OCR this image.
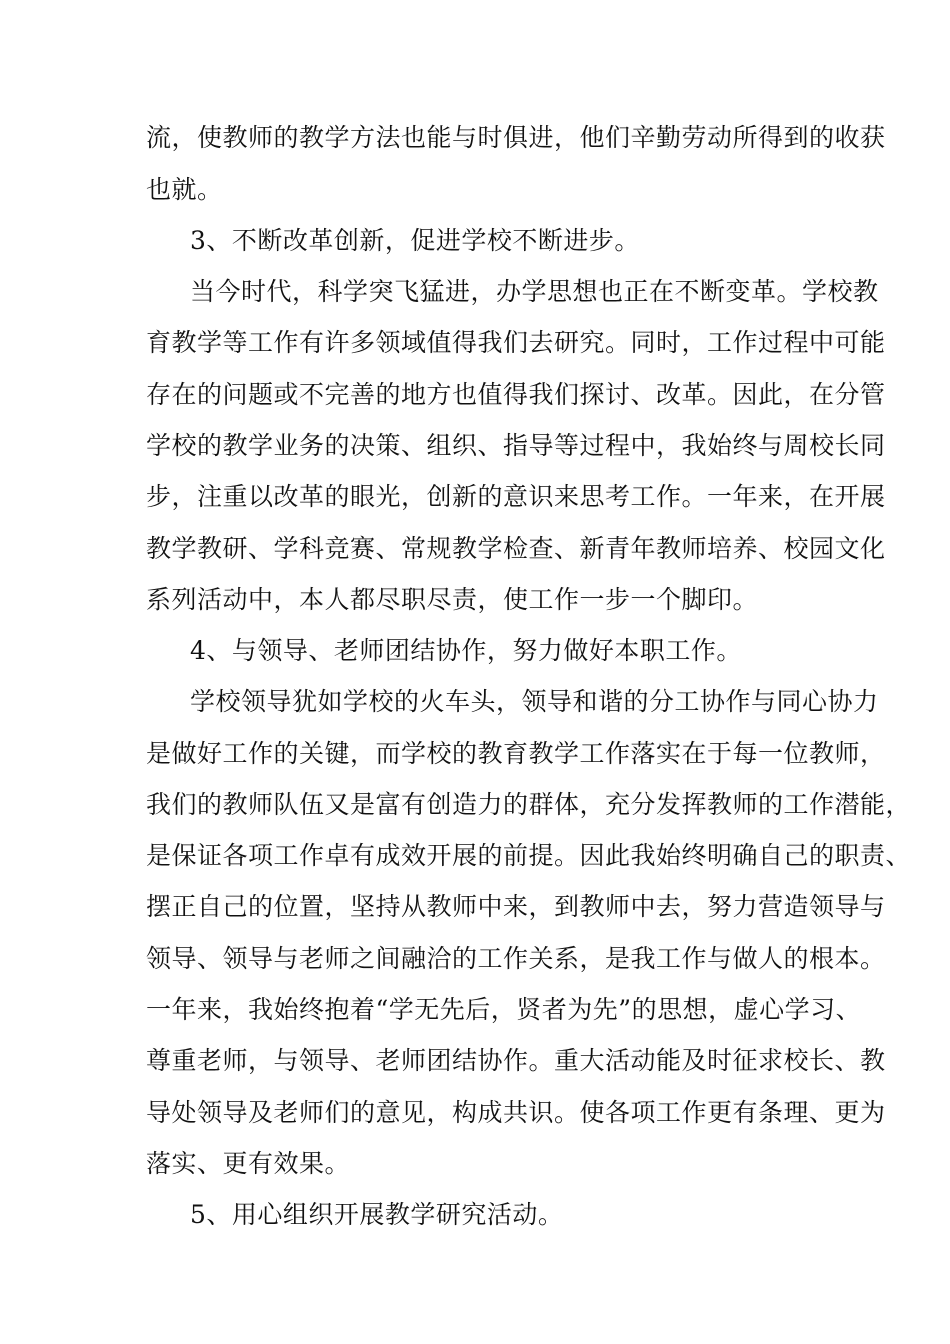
流，使教师的教学方法也能与时俱进，他们辛勤劳动所得到的收获

也就。

3、不断改革创新，促进学校不断进步。

当今时代，科学突飞猛进，办学思想也正在不断变革。学校教

育教学等工作有许多领域值得我们去研究。同时，工作过程中可能

存在的问题或不完善的地方也值得我们探讨、改革。因此，在分管

学校的教学业务的决策、组织、指导等过程中，我始终与周校长同

步，注重以改革的眼光，创新的意识来思考工作。一年来，在开展

教学教研、学科竞赛、常规教学检查、新青年教师培养、校园文化

系列活动中，本人都尽职尽责，使工作一步一个脚印。

4、与领导、老师团结协作，努力做好本职工作。

学校领导犹如学校的火车头，领导和谐的分工协作与同心协力

是做好工作的关键，而学校的教育教学工作落实在于每一位教师，

我们的教师队伍又是富有创造力的群体，充分发挥教师的工作潜能，

是保证各项工作卓有成效开展的前提。因此我始终明确自己的职责、

摆正自己的位置，坚持从教师中来，到教师中去，努力营造领导与

领导、领导与老师之间融洽的工作关系，是我工作与做人的根本。

一年来，我始终抱着“学无先后，贤者为先”的思想，虚心学习、

尊重老师，与领导、老师团结协作。重大活动能及时征求校长、教

导处领导及老师们的意见，构成共识。使各项工作更有条理、更为

落实、更有效果。

5、用心组织开展教学研究活动。
